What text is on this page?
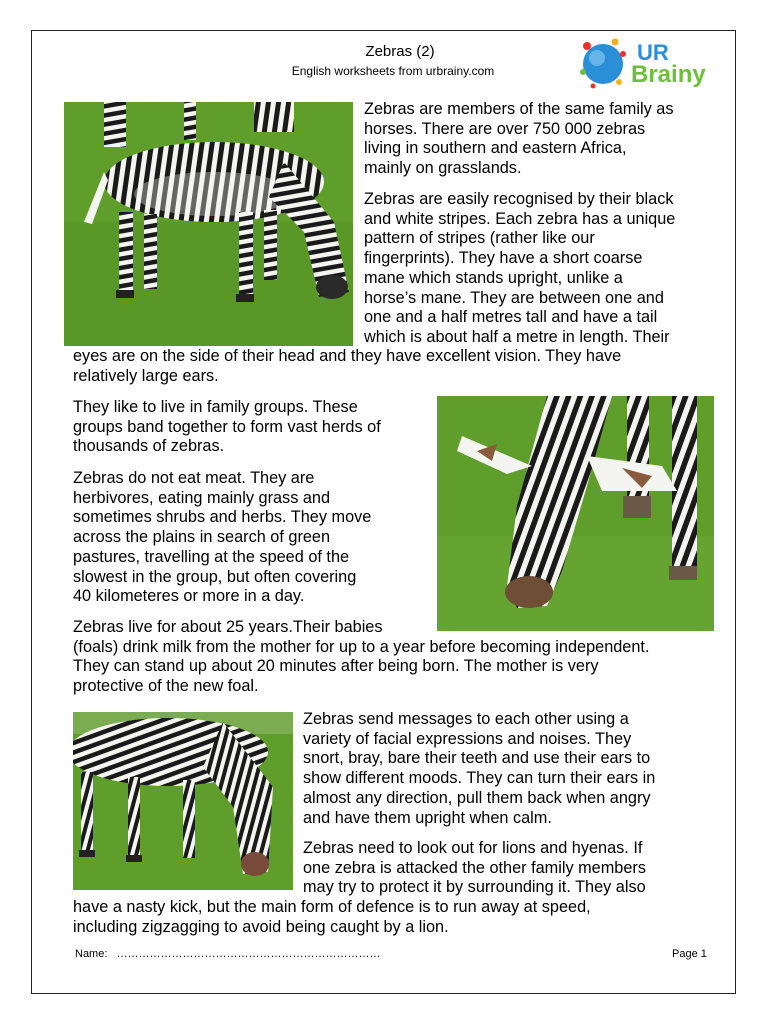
Zebras (2)
English worksheets from urbrainy.com
UR
Brainy

Zebras are members of the same family as
horses. There are over 750 000 zebras
living in southern and eastern Africa,
mainly on grasslands.

Zebras are easily recognised by their black
and white stripes. Each zebra has a unique
pattern of stripes (rather like our
fingerprints). They have a short coarse
mane which stands upright, unlike a
horse’s mane. They are between one and
one and a half metres tall and have a tail
which is about half a metre in length. Their

eyes are on the side of their head and they have excellent vision. They have
relatively large ears.

They like to live in family groups. These
groups band together to form vast herds of
thousands of zebras.

Zebras do not eat meat. They are
herbivores, eating mainly grass and
sometimes shrubs and herbs. They move
across the plains in search of green
pastures, travelling at the speed of the
slowest in the group, but often covering
40 kilometeres or more in a day.

Zebras live for about 25 years.Their babies
(foals) drink milk from the mother for up to a year before becoming independent.
They can stand up about 20 minutes after being born. The mother is very
protective of the new foal.

Zebras send messages to each other using a
variety of facial expressions and noises. They
snort, bray, bare their teeth and use their ears to
show different moods. They can turn their ears in
almost any direction, pull them back when angry
and have them upright when calm.

Zebras need to look out for lions and hyenas. If
one zebra is attacked the other family members
may try to protect it by surrounding it. They also

have a nasty kick, but the main form of defence is to run away at speed,
including zigzagging to avoid being caught by a lion.

Name: ………………………………………………………………	Page 1
